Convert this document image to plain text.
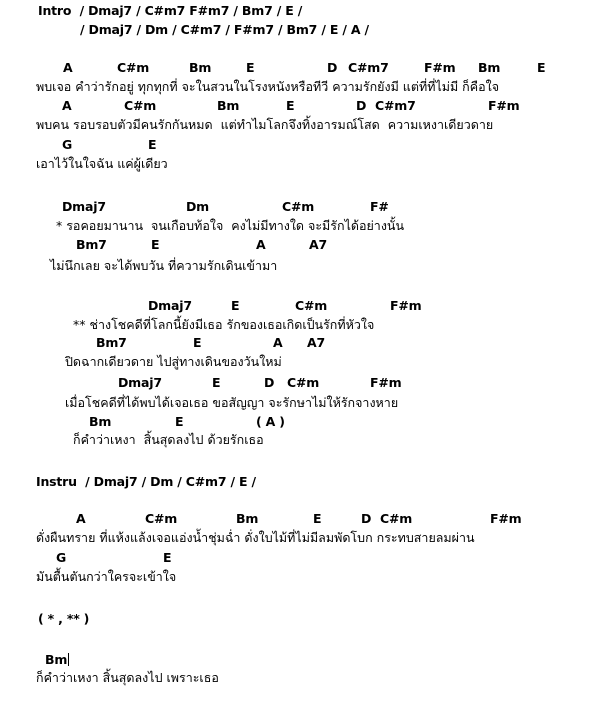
Intro  / Dmaj7 / C#m7 F#m7 / Bm7 / E /
/ Dmaj7 / Dm / C#m7 / F#m7 / Bm7 / E / A /
A	C#m	Bm	E	D C#m7	F#m Bm	E
พบเจอ คำว่ารักอยู่ ทุกทุกที่ จะในสวนในโรงหนังหรือทีวี ความรักยังมี แต่ที่ที่ไม่มี ก็คือใจ
A	C#m	Bm	E	D C#m7	F#m
พบคน รอบรอบตัวมีคนรักกันหมด  แต่ทำไมโลกจึงทิ้งอารมณ์โสด  ความเหงาเดียวดาย
G	E
เอาไว้ในใจฉัน แค่ผู้เดียว
Dmaj7	Dm	C#m	F#
* รอคอยมานาน  จนเกือบท้อใจ  คงไม่มีทางใด จะมีรักได้อย่างนั้น
Bm7	E	A	A7
ไม่นึกเลย จะได้พบวัน ที่ความรักเดินเข้ามา
Dmaj7	E	C#m	F#m
** ช่างโชคดีที่โลกนี้ยังมีเธอ รักของเธอเกิดเป็นรักที่หัวใจ
Bm7	E	A A7
ปิดฉากเดียวดาย ไปสู่ทางเดินของวันใหม่
Dmaj7	E	D C#m	F#m
เมื่อโชคดีที่ได้พบได้เจอเธอ ขอสัญญา จะรักษาไม่ให้รักจางหาย
Bm	E	( A )
ก็คำว่าเหงา  สิ้นสุดลงไป ด้วยรักเธอ
Instru  / Dmaj7 / Dm / C#m7 / E /
A	C#m	Bm	E	D C#m	F#m
ดั่งผืนทราย ที่แห้งแล้งเจอแอ่งน้ำชุ่มฉ่ำ ดั่งใบไม้ที่ไม่มีลมพัดโบก กระทบสายลมผ่าน
G	E
มันตื้นตันกว่าใครจะเข้าใจ
( * , ** )
Bm
ก็คำว่าเหงา สิ้นสุดลงไป เพราะเธอ
